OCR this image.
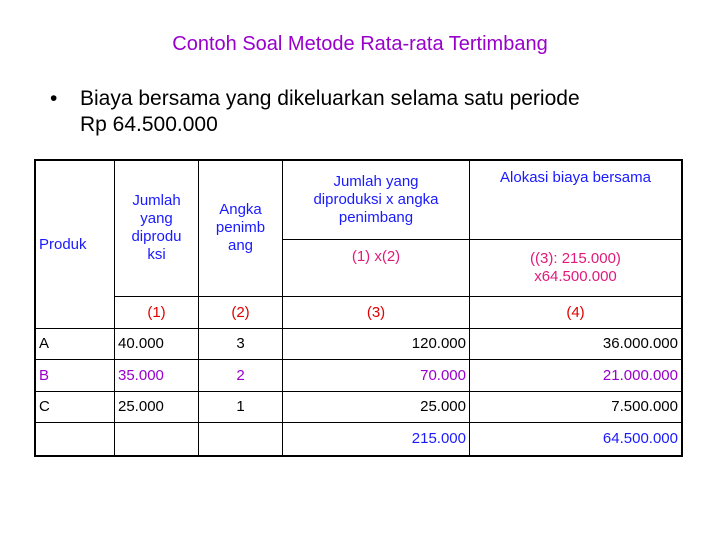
Contoh Soal Metode Rata-rata Tertimbang
• Biaya bersama yang dikeluarkan selama satu periode
Rp 64.500.000
Produk	Jumlah
yang
diprodu
ksi	Angka
penimb
ang	Jumlah yang
diproduksi x angka
penimbang	Alokasi biaya bersama
			(1) x(2)	((3): 215.000)
x64.500.000
	(1)	(2)	(3)	(4)
A	40.000	3	120.000	36.000.000
B	35.000	2	70.000	21.000.000
C	25.000	1	25.000	7.500.000
			215.000	64.500.000
